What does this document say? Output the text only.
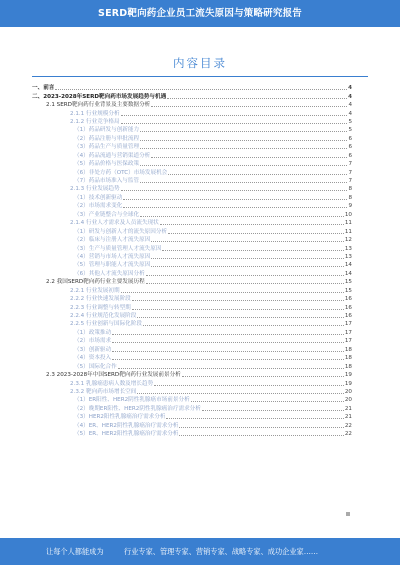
SERD靶向药企业员工流失原因与策略研究报告
内容目录
一、前言	4
二、2023-2028年SERD靶向药市场发展趋势与机遇	4
2.1 SERD靶向药行业背景及主要数据分析	4
2.1.1 行业规模分析	4
2.1.2 行业竞争格局	5
（1）药品研发与创新能力	5
（2）药品注册与审批流程	6
（3）药品生产与质量管理	6
（4）药品流通与营销渠道分析	6
（5）药品价格与医保政策	7
（6）非处方药（OTC）市场发展机会	7
（7）药品市场准入与监管	7
2.1.3 行业发展趋势	8
（1）技术创新驱动	8
（2）市场需求变化	9
（3）产业链整合与全球化	10
2.1.4 行业人才需求及人员流失现状	11
（1）研发与创新人才的流失原因分析	11
（2）临床与注册人才流失原因	12
（3）生产与质量管理人才流失原因	13
（4）营销与市场人才流失原因	13
（5）管理与职能人才流失原因	14
（6）其他人才流失原因分析	14
2.2 我国SERD靶向药行业主要发展历程	15
2.2.1 行业发展初期	15
2.2.2 行业快速发展阶段	16
2.2.3 行业调整与转型期	16
2.2.4 行业规范化发展阶段	16
2.2.5 行业创新与国际化阶段	17
（1）政策推动	17
（2）市场需求	17
（3）创新驱动	18
（4）资本投入	18
（5）国际化合作	18
2.3 2023-2028年中国SERD靶向药行业发展前景分析	19
2.3.1 乳腺癌患病人数及增长趋势	19
2.3.2 靶向药市场增长空间	20
（1）ER阳性、HER2阴性乳腺癌市场前景分析	20
（2）晚期ER阳性、HER2阴性乳腺癌治疗需求分析	21
（3）HER2阳性乳腺癌治疗需求分析	21
（4）ER、HER2阴性乳腺癌治疗需求分析	22
（5）ER、HER2阳性乳腺癌治疗需求分析	22
让每个人都能成为	行业专家、管理专家、营销专家、战略专家、成功企业家……
